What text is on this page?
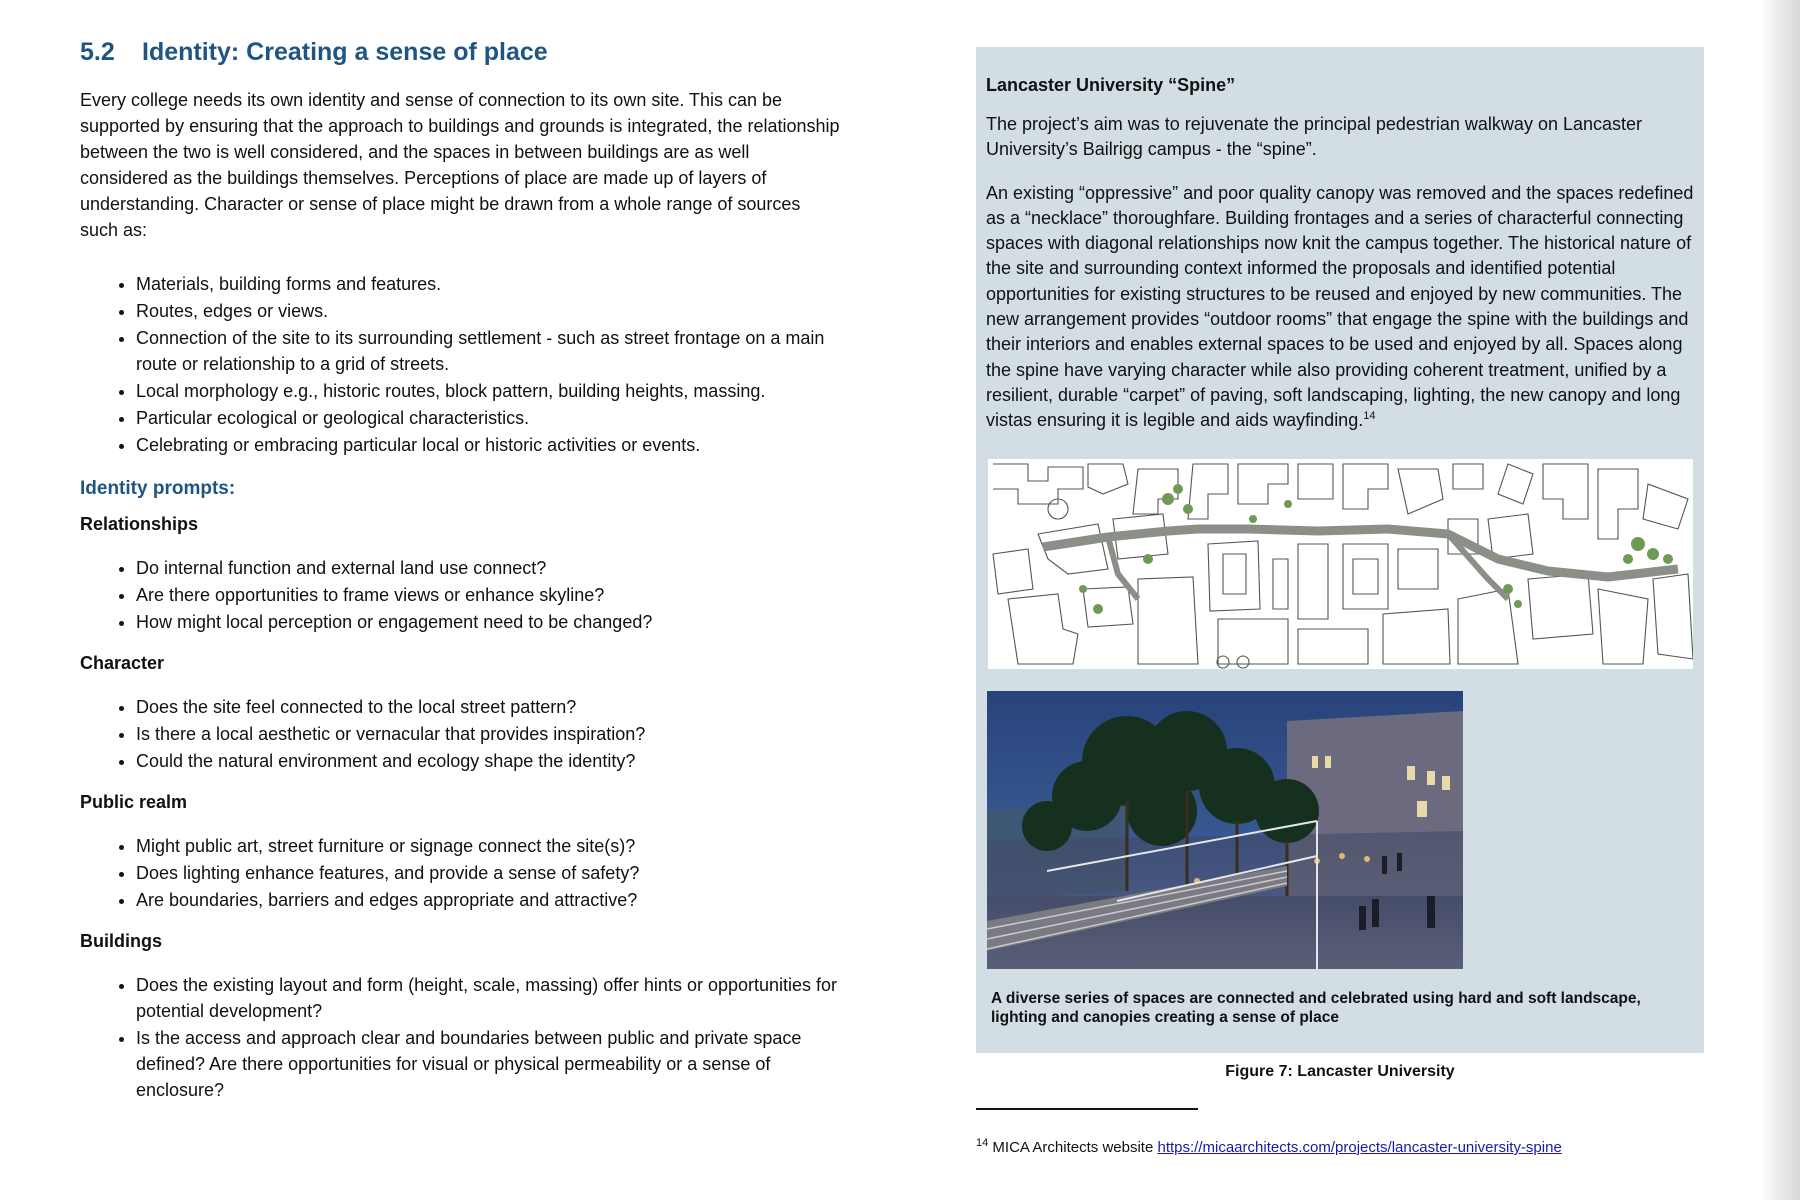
5.2 Identity: Creating a sense of place

Every college needs its own identity and sense of connection to its own site. This can be supported by ensuring that the approach to buildings and grounds is integrated, the relationship between the two is well considered, and the spaces in between buildings are as well considered as the buildings themselves. Perceptions of place are made up of layers of understanding. Character or sense of place might be drawn from a whole range of sources such as:

• Materials, building forms and features.
• Routes, edges or views.
• Connection of the site to its surrounding settlement - such as street frontage on a main route or relationship to a grid of streets.
• Local morphology e.g., historic routes, block pattern, building heights, massing.
• Particular ecological or geological characteristics.
• Celebrating or embracing particular local or historic activities or events.
Identity prompts:
Relationships
• Do internal function and external land use connect?
• Are there opportunities to frame views or enhance skyline?
• How might local perception or engagement need to be changed?
Character
• Does the site feel connected to the local street pattern?
• Is there a local aesthetic or vernacular that provides inspiration?
• Could the natural environment and ecology shape the identity?
Public realm
• Might public art, street furniture or signage connect the site(s)?
• Does lighting enhance features, and provide a sense of safety?
• Are boundaries, barriers and edges appropriate and attractive?
Buildings
• Does the existing layout and form (height, scale, massing) offer hints or opportunities for potential development?
• Is the access and approach clear and boundaries between public and private space defined? Are there opportunities for visual or physical permeability or a sense of enclosure?
Lancaster University “Spine”

The project’s aim was to rejuvenate the principal pedestrian walkway on Lancaster University’s Bailrigg campus - the “spine”.

An existing “oppressive” and poor quality canopy was removed and the spaces redefined as a “necklace” thoroughfare. Building frontages and a series of characterful connecting spaces with diagonal relationships now knit the campus together. The historical nature of the site and surrounding context informed the proposals and identified potential opportunities for existing structures to be reused and enjoyed by new communities. The new arrangement provides “outdoor rooms” that engage the spine with the buildings and their interiors and enables external spaces to be used and enjoyed by all. Spaces along the spine have varying character while also providing coherent treatment, unified by a resilient, durable “carpet” of paving, soft landscaping, lighting, the new canopy and long vistas ensuring it is legible and aids wayfinding.$^{14}$

A diverse series of spaces are connected and celebrated using hard and soft landscape, lighting and canopies creating a sense of place
Figure 7: Lancaster University
$^{14}$ MICA Architects website https://micaarchitects.com/projects/lancaster-university-spine
